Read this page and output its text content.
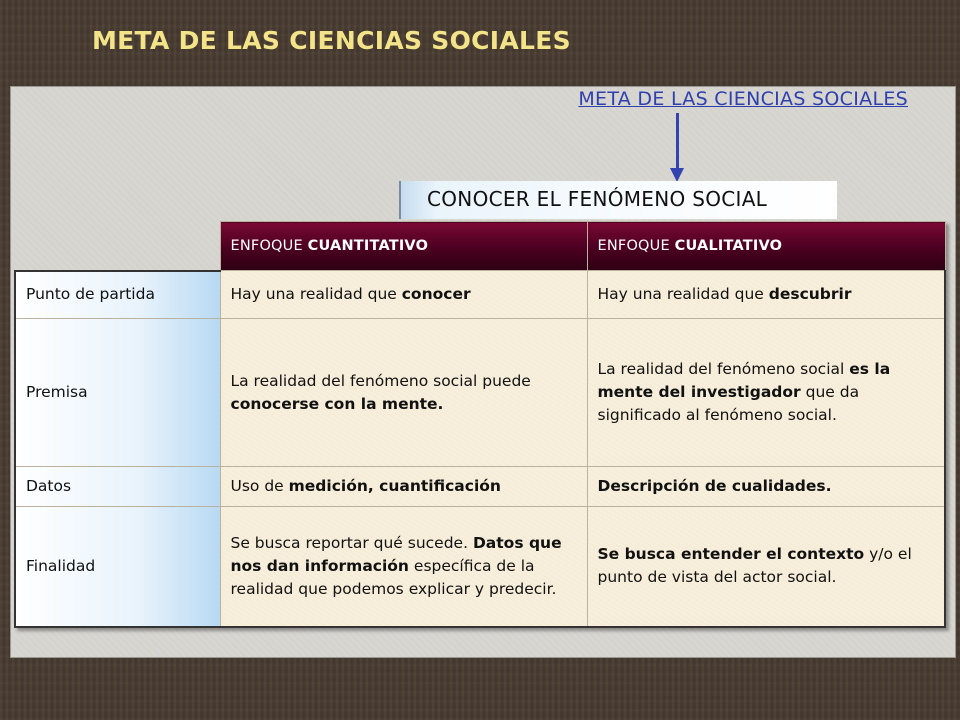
META DE LAS CIENCIAS SOCIALES
META DE LAS CIENCIAS SOCIALES
CONOCER EL FENÓMENO SOCIAL
	ENFOQUE CUANTITATIVO	ENFOQUE CUALITATIVO
Punto de partida	Hay una realidad que conocer	Hay una realidad que descubrir
Premisa	La realidad del fenómeno social puede conocerse con la mente.	La realidad del fenómeno social es la mente del investigador que da significado al fenómeno social.
Datos	Uso de medición, cuantificación	Descripción de cualidades.
Finalidad	Se busca reportar qué sucede. Datos que nos dan información específica de la realidad que podemos explicar y predecir.	Se busca entender el contexto y/o el punto de vista del actor social.
